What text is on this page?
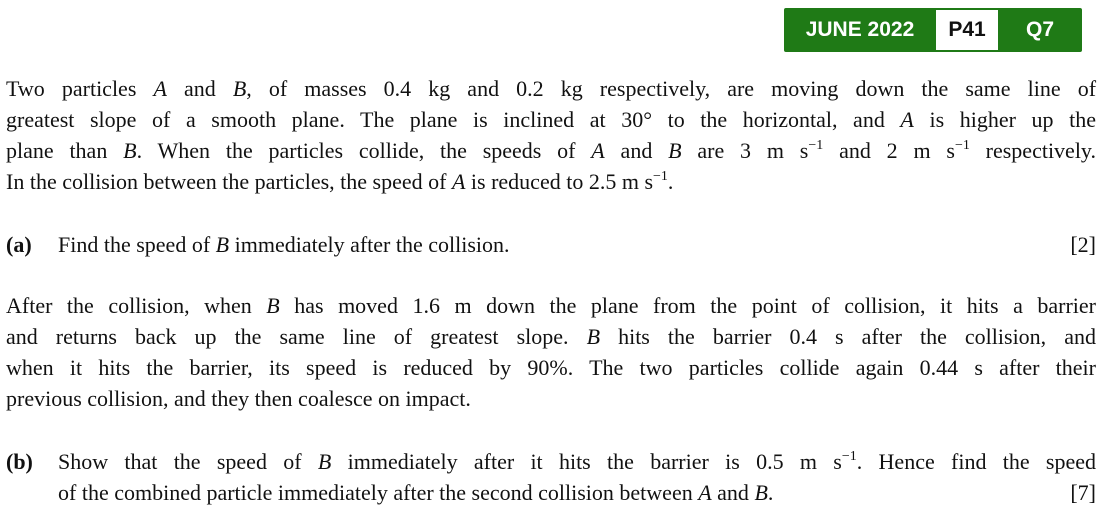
JUNE 2022	P41	Q7
Two particles A and B, of masses 0.4 kg and 0.2 kg respectively, are moving down the same line of
greatest slope of a smooth plane. The plane is inclined at 30° to the horizontal, and A is higher up the
plane than B. When the particles collide, the speeds of A and B are 3 m $s^{-1}$ and 2 m $s^{-1}$ respectively.
In the collision between the particles, the speed of A is reduced to 2.5 m $s^{-1}$.
(a) Find the speed of B immediately after the collision.	[2]
After the collision, when B has moved 1.6 m down the plane from the point of collision, it hits a barrier
and returns back up the same line of greatest slope. B hits the barrier 0.4 s after the collision, and
when it hits the barrier, its speed is reduced by 90%. The two particles collide again 0.44 s after their
previous collision, and they then coalesce on impact.
(b) Show that the speed of B immediately after it hits the barrier is 0.5 m $s^{-1}$. Hence find the speed
of the combined particle immediately after the second collision between A and B.	[7]
